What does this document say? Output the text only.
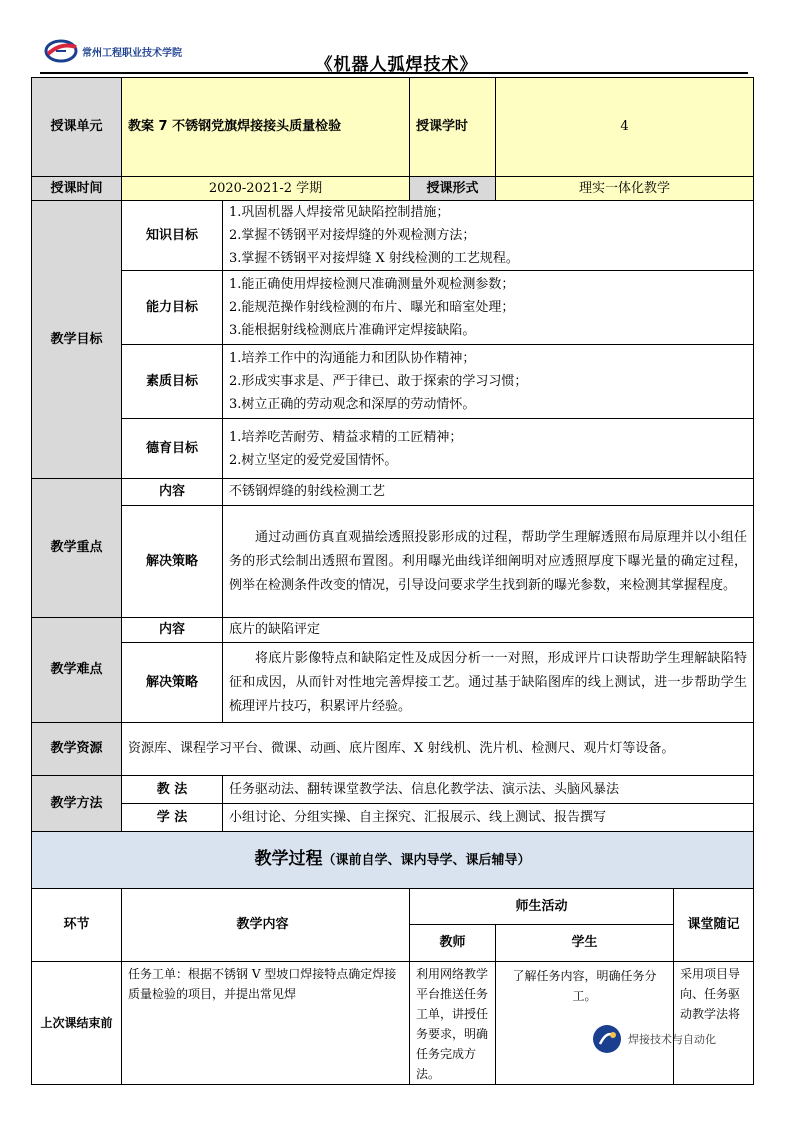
常州工程职业技术学院
《机器人弧焊技术》
授课单元	教案 7 不锈钢党旗焊接接头质量检验		授课学时	4	
授课时间	2020-2021-2 学期		授课形式	理实一体化教学	
教学目标	知识目标	1.巩固机器人焊接常见缺陷控制措施；
2.掌握不锈钢平对接焊缝的外观检测方法；
3.掌握不锈钢平对接焊缝 X 射线检测的工艺规程。			

	能力目标	1.能正确使用焊接检测尺准确测量外观检测参数；
2.能规范操作射线检测的布片、曝光和暗室处理；
3.能根据射线检测底片准确评定焊接缺陷。			

	素质目标	1.培养工作中的沟通能力和团队协作精神；
2.形成实事求是、严于律已、敢于探索的学习习惯；
3.树立正确的劳动观念和深厚的劳动情怀。			

	德育目标	1.培养吃苦耐劳、精益求精的工匠精神；
2.树立坚定的爱党爱国情怀。			

教学重点	内容	不锈钢焊缝的射线检测工艺			
	解决策略	通过动画仿真直观描绘透照投影形成的过程，帮助学生理解透照布局原理并以小组任务的形式绘制出透照布置图。利用曝光曲线详细阐明对应透照厚度下曝光量的确定过程，例举在检测条件改变的情况，引导设问要求学生找到新的曝光参数，来检测其掌握程度。			
教学难点	内容	底片的缺陷评定			
	解决策略	将底片影像特点和缺陷定性及成因分析一一对照，形成评片口诀帮助学生理解缺陷特征和成因，从而针对性地完善焊接工艺。通过基于缺陷图库的线上测试，进一步帮助学生梳理评片技巧，积累评片经验。			
教学资源	资源库、课程学习平台、微课、动画、底片图库、X 射线机、洗片机、检测尺、观片灯等设备。				
教学方法	教 法	任务驱动法、翻转课堂教学法、信息化教学法、演示法、头脑风暴法			
	学 法	小组讨论、分组实操、自主探究、汇报展示、线上测试、报告撰写			
教学过程（课前自学、课内导学、课后辅导）					
环节	教学内容		师生活动		课堂随记
			教师	学生	
上次课结束前	任务工单：根据不锈钢 V 型坡口焊接特点确定焊接质量检验的项目，并提出常见焊		利用网络教学平台推送任务工单，讲授任务要求，明确任务完成方法。	了解任务内容，明确任务分工。	采用项目导向、任务驱动教学法将
焊接技术与自动化
